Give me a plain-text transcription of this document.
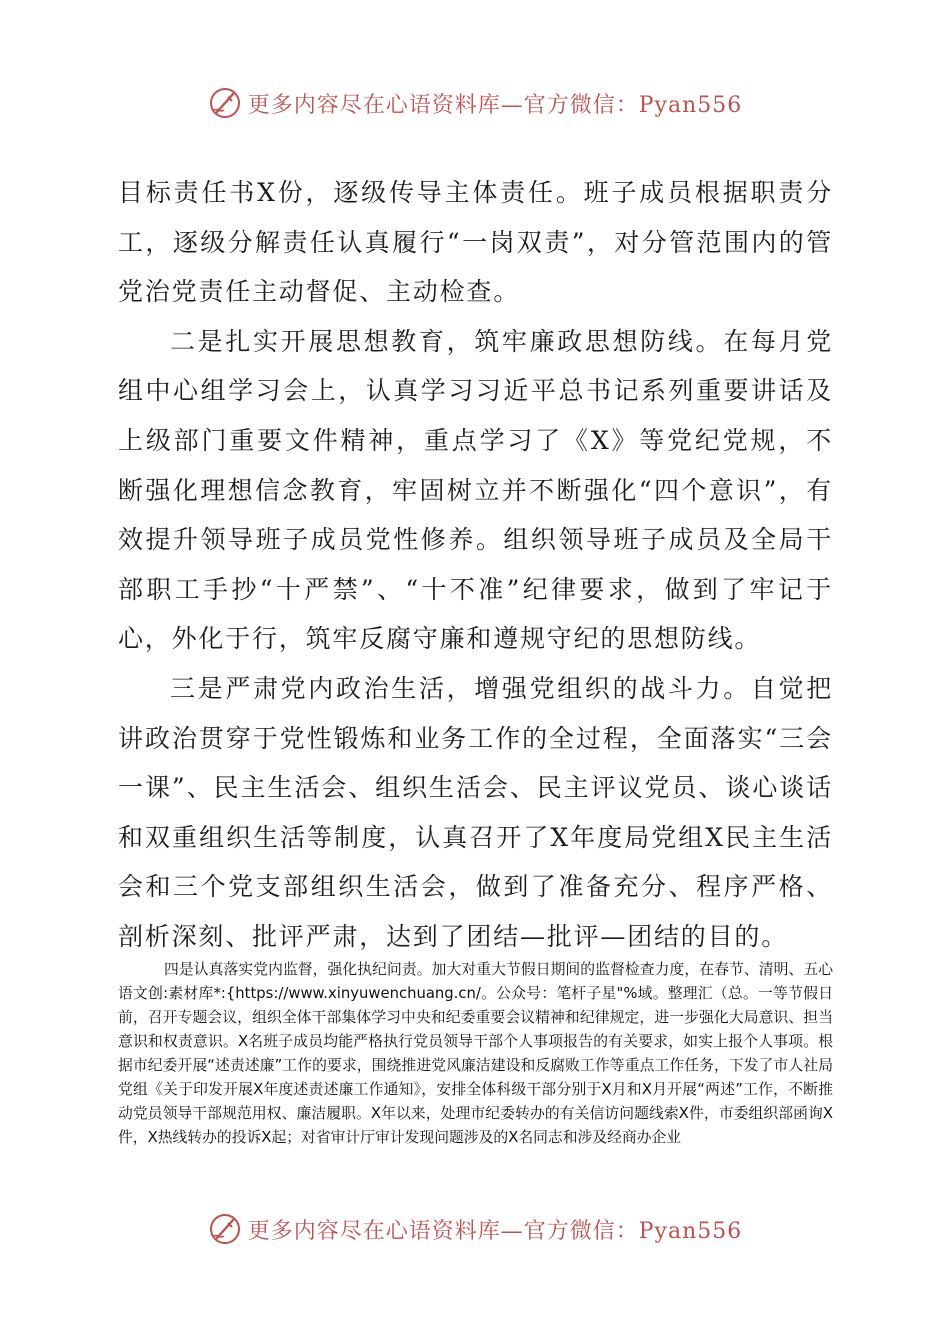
更多内容尽在心语资料库—官方微信：Pyan556

目标责任书X份，逐级传导主体责任。班子成员根据职责分工，逐级分解责任认真履行“一岗双责”，对分管范围内的管党治党责任主动督促、主动检查。

二是扎实开展思想教育，筑牢廉政思想防线。在每月党组中心组学习会上，认真学习习近平总书记系列重要讲话及上级部门重要文件精神，重点学习了《X》等党纪党规，不断强化理想信念教育，牢固树立并不断强化“四个意识”，有效提升领导班子成员党性修养。组织领导班子成员及全局干部职工手抄“十严禁”、“十不准”纪律要求，做到了牢记于心，外化于行，筑牢反腐守廉和遵规守纪的思想防线。

三是严肃党内政治生活，增强党组织的战斗力。自觉把讲政治贯穿于党性锻炼和业务工作的全过程，全面落实“三会一课”、民主生活会、组织生活会、民主评议党员、谈心谈话和双重组织生活等制度，认真召开了X年度局党组X民主生活会和三个党支部组织生活会，做到了准备充分、程序严格、剖析深刻、批评严肃，达到了团结—批评—团结的目的。

四是认真落实党内监督，强化执纪问责。加大对重大节假日期间的监督检查力度，在春节、清明、五心语文创:素材库*:{https://www.xinyuwenchuang.cn/。公众号：笔杆子星"%域。整理汇（总。一等节假日前，召开专题会议，组织全体干部集体学习中央和纪委重要会议精神和纪律规定，进一步强化大局意识、担当意识和权责意识。X名班子成员均能严格执行党员领导干部个人事项报告的有关要求，如实上报个人事项。根据市纪委开展“述责述廉”工作的要求，围绕推进党风廉洁建设和反腐败工作等重点工作任务，下发了市人社局党组《关于印发开展X年度述责述廉工作通知》，安排全体科级干部分别于X月和X月开展“两述”工作，不断推动党员领导干部规范用权、廉洁履职。X年以来，处理市纪委转办的有关信访问题线索X件，市委组织部函询X件，X热线转办的投诉X起；对省审计厅审计发现问题涉及的X名同志和涉及经商办企业

更多内容尽在心语资料库—官方微信：Pyan556
